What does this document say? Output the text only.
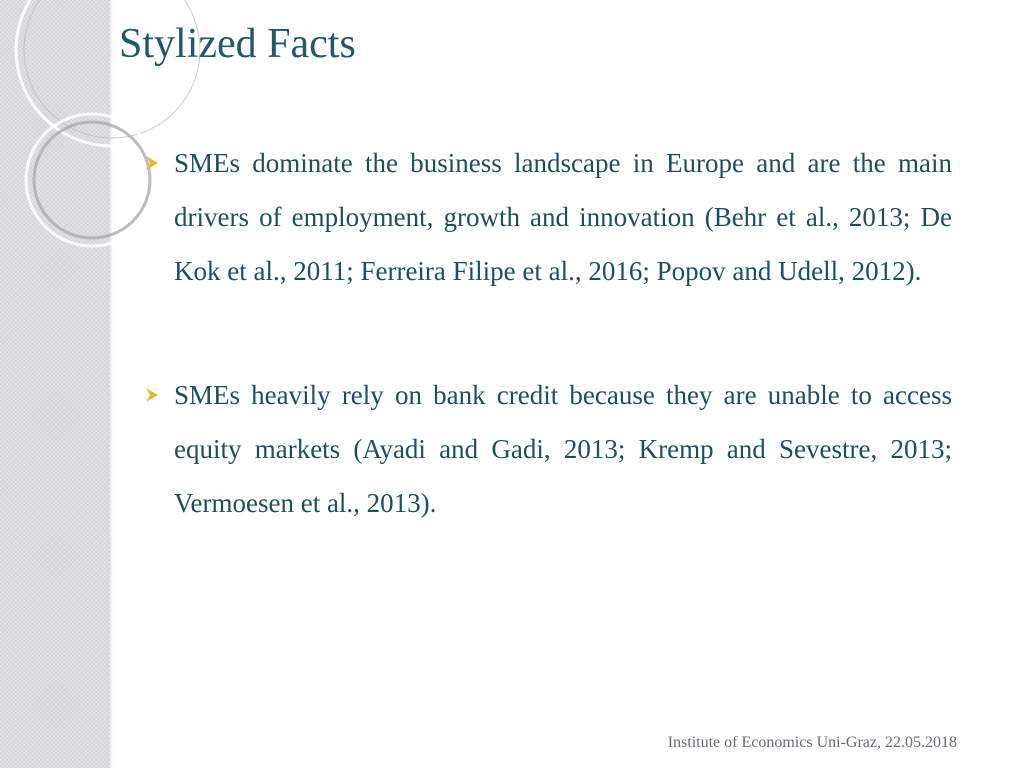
Stylized Facts
SMEs dominate the business landscape in Europe and are the main drivers of employment, growth and innovation (Behr et al., 2013; De Kok et al., 2011; Ferreira Filipe et al., 2016; Popov and Udell, 2012).
SMEs heavily rely on bank credit because they are unable to access equity markets (Ayadi and Gadi, 2013; Kremp and Sevestre, 2013; Vermoesen et al., 2013).
Institute of Economics Uni-Graz, 22.05.2018
